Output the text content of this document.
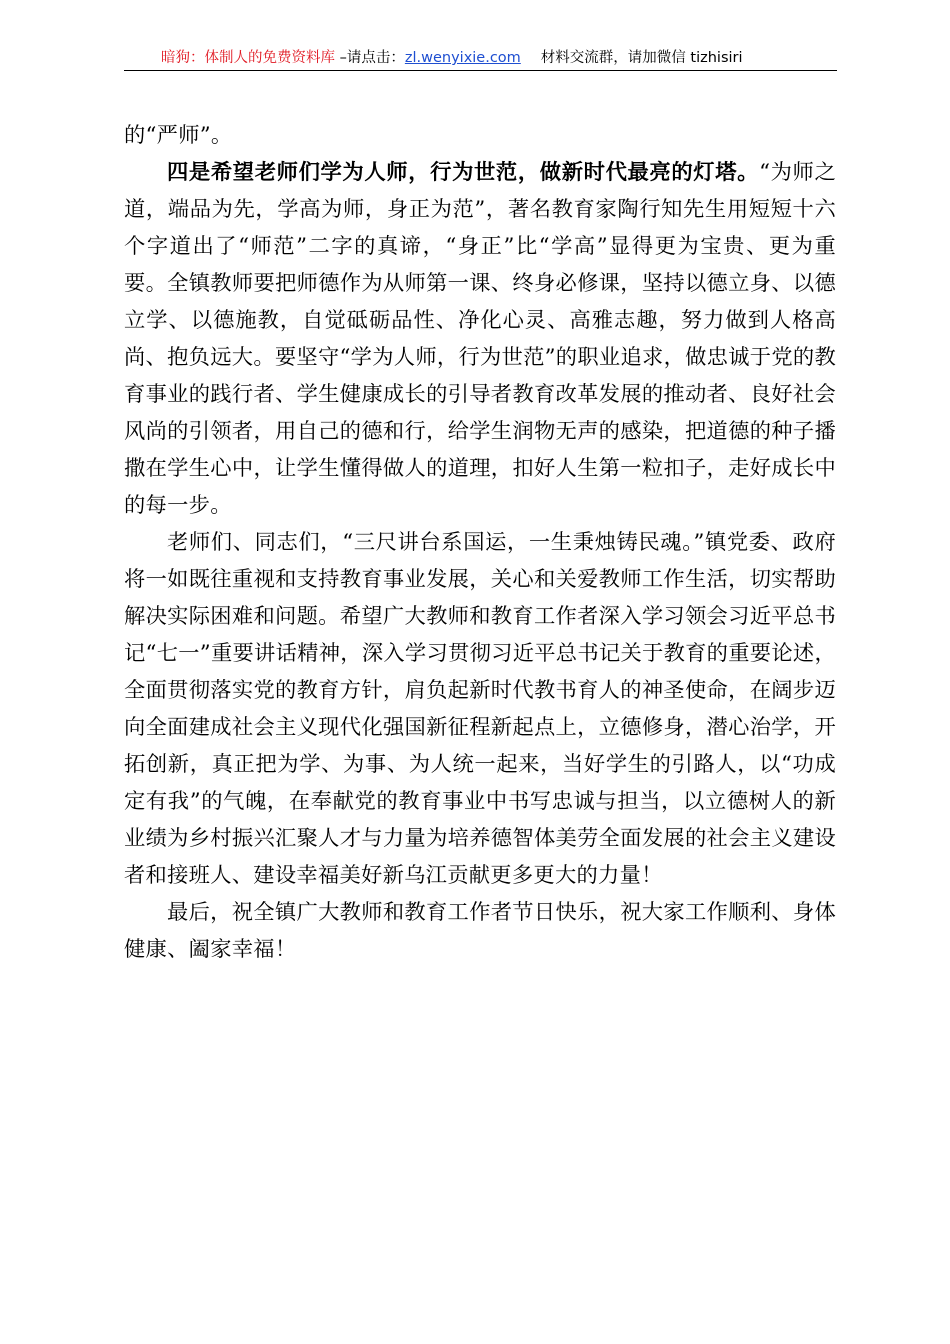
暗狗：体制人的免费资料库 –请点击：zl.wenyixie.com 材料交流群，请加微信 tizhisiri

的“严师”。

四是希望老师们学为人师，行为世范，做新时代最亮的灯塔。“为师之道，端品为先，学高为师，身正为范”，著名教育家陶行知先生用短短十六个字道出了“师范”二字的真谛，“身正”比“学高”显得更为宝贵、更为重要。全镇教师要把师德作为从师第一课、终身必修课，坚持以德立身、以德立学、以德施教，自觉砥砺品性、净化心灵、高雅志趣，努力做到人格高尚、抱负远大。要坚守“学为人师，行为世范”的职业追求，做忠诚于党的教育事业的践行者、学生健康成长的引导者教育改革发展的推动者、良好社会风尚的引领者，用自己的德和行，给学生润物无声的感染，把道德的种子播撒在学生心中，让学生懂得做人的道理，扣好人生第一粒扣子，走好成长中的每一步。

老师们、同志们，“三尺讲台系国运，一生秉烛铸民魂。”镇党委、政府将一如既往重视和支持教育事业发展，关心和关爱教师工作生活，切实帮助解决实际困难和问题。希望广大教师和教育工作者深入学习领会习近平总书记“七一”重要讲话精神，深入学习贯彻习近平总书记关于教育的重要论述，全面贯彻落实党的教育方针，肩负起新时代教书育人的神圣使命，在阔步迈向全面建成社会主义现代化强国新征程新起点上，立德修身，潜心治学，开拓创新，真正把为学、为事、为人统一起来，当好学生的引路人，以“功成定有我”的气魄，在奉献党的教育事业中书写忠诚与担当，以立德树人的新业绩为乡村振兴汇聚人才与力量为培养德智体美劳全面发展的社会主义建设者和接班人、建设幸福美好新乌江贡献更多更大的力量！

最后，祝全镇广大教师和教育工作者节日快乐，祝大家工作顺利、身体健康、阖家幸福！
